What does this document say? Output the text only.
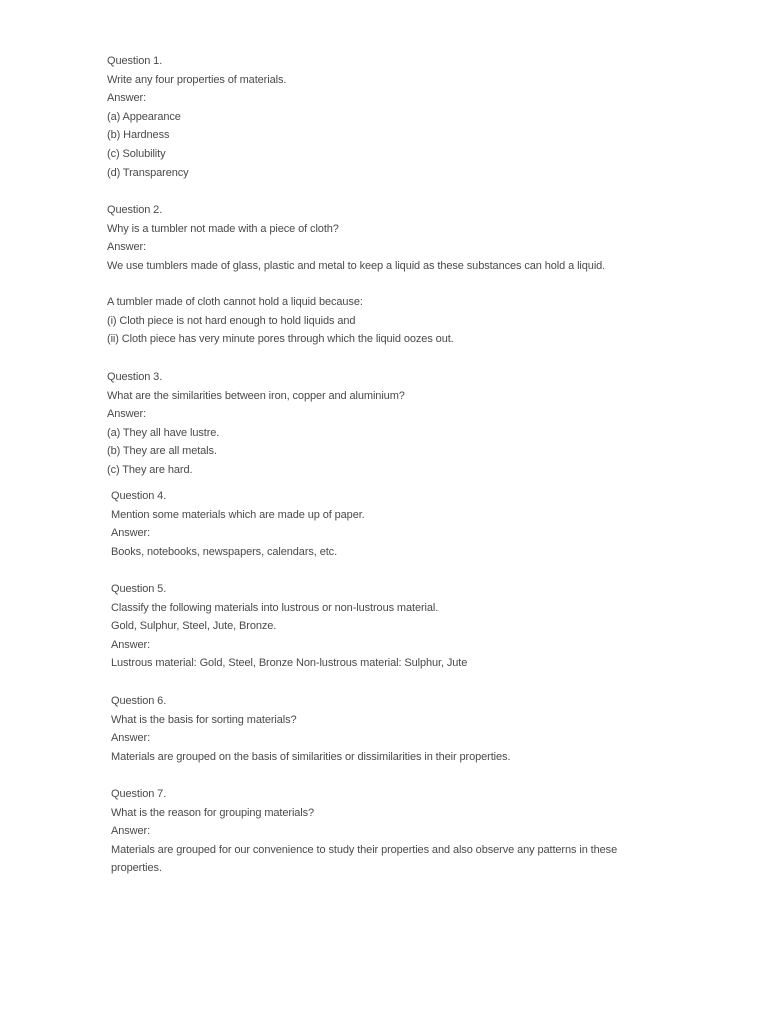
Question 1.
Write any four properties of materials.
Answer:
(a) Appearance
(b) Hardness
(c) Solubility
(d) Transparency
Question 2.
Why is a tumbler not made with a piece of cloth?
Answer:
We use tumblers made of glass, plastic and metal to keep a liquid as these substances can hold a liquid.
A tumbler made of cloth cannot hold a liquid because:
(i) Cloth piece is not hard enough to hold liquids and
(ii) Cloth piece has very minute pores through which the liquid oozes out.
Question 3.
What are the similarities between iron, copper and aluminium?
Answer:
(a) They all have lustre.
(b) They are all metals.
(c) They are hard.
Question 4.
Mention some materials which are made up of paper.
Answer:
Books, notebooks, newspapers, calendars, etc.
Question 5.
Classify the following materials into lustrous or non-lustrous material.
Gold, Sulphur, Steel, Jute, Bronze.
Answer:
Lustrous material: Gold, Steel, Bronze Non-lustrous material: Sulphur, Jute
Question 6.
What is the basis for sorting materials?
Answer:
Materials are grouped on the basis of similarities or dissimilarities in their properties.
Question 7.
What is the reason for grouping materials?
Answer:
Materials are grouped for our convenience to study their properties and also observe any patterns in these
properties.
